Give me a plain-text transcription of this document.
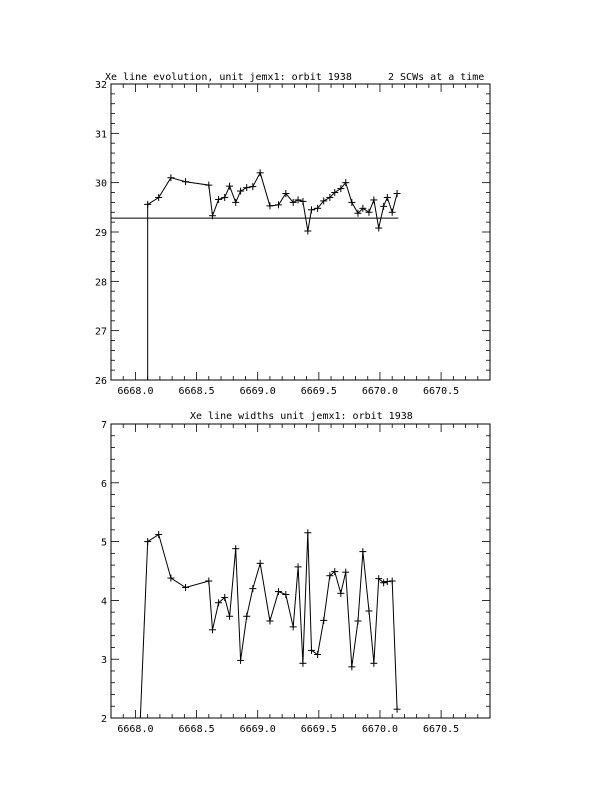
Xe line evolution, unit jemx1: orbit 1938	2 SCWs at a time
6668.0	6668.5	6669.0	6669.5	6670.0	6670.5
26
27
28
29
30
31
32
Xe line widths unit jemx1: orbit 1938
6668.0	6668.5	6669.0	6669.5	6670.0	6670.5
2
3
4
5
6
7
